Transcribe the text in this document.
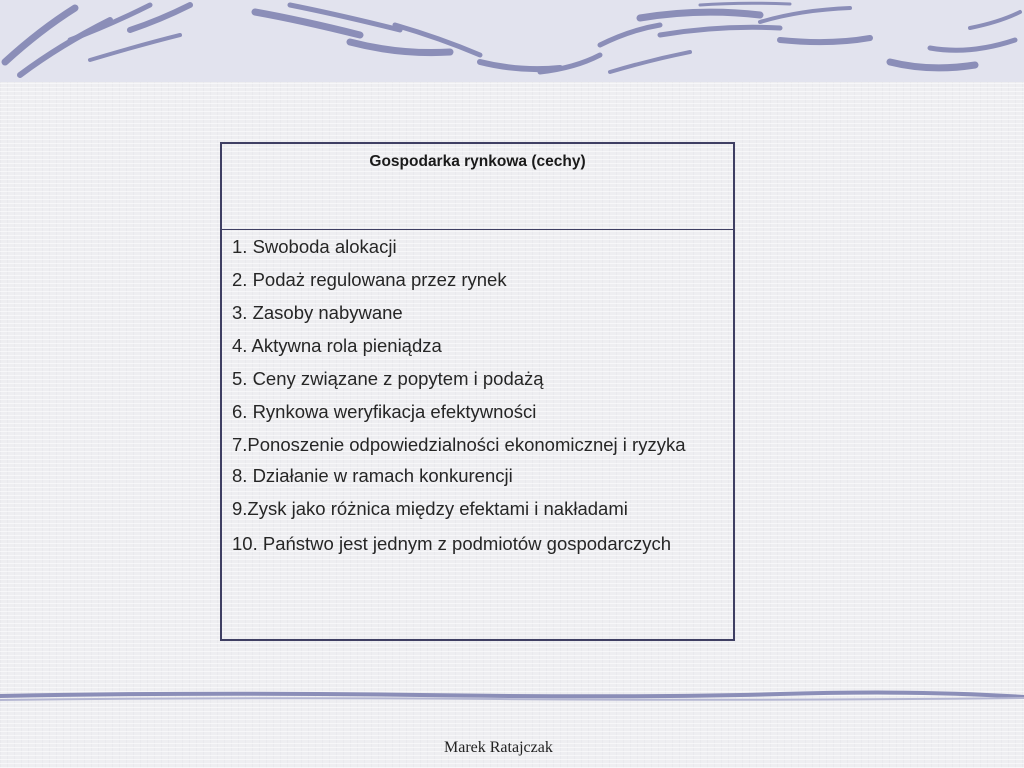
Gospodarka rynkowa (cechy)
1. Swoboda alokacji
2. Podaż regulowana przez rynek
3. Zasoby nabywane
4. Aktywna rola pieniądza
5. Ceny związane z popytem i podażą
6. Rynkowa weryfikacja efektywności
7.Ponoszenie odpowiedzialności ekonomicznej i ryzyka
8. Działanie w ramach konkurencji
9.Zysk jako różnica między efektami i nakładami
10. Państwo jest jednym z podmiotów gospodarczych
Marek Ratajczak
